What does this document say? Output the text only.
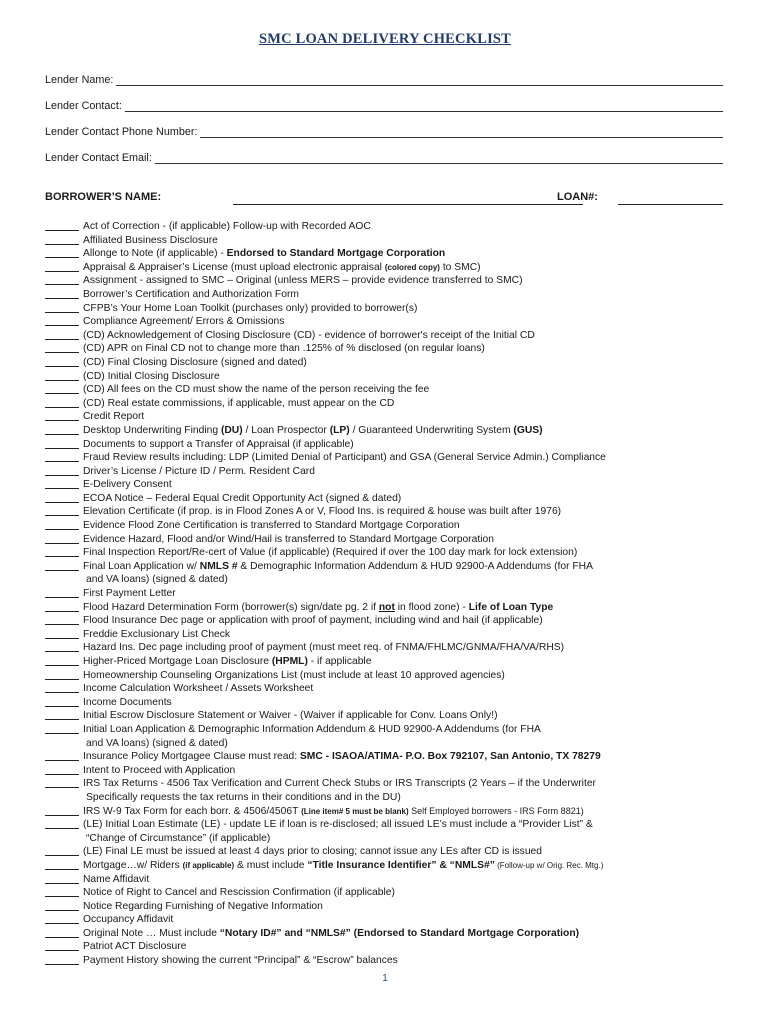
SMC LOAN DELIVERY CHECKLIST
Lender Name:
Lender Contact:
Lender Contact Phone Number:
Lender Contact Email:
BORROWER’S NAME:	LOAN#:
Act of Correction - (if applicable) Follow-up with Recorded AOC
Affiliated Business Disclosure
Allonge to Note (if applicable) - Endorsed to Standard Mortgage Corporation
Appraisal & Appraiser’s License (must upload electronic appraisal (colored copy) to SMC)
Assignment - assigned to SMC – Original (unless MERS – provide evidence transferred to SMC)
Borrower’s Certification and Authorization Form
CFPB’s Your Home Loan Toolkit (purchases only) provided to borrower(s)
Compliance Agreement/ Errors & Omissions
(CD) Acknowledgement of Closing Disclosure (CD) - evidence of borrower's receipt of the Initial CD
(CD) APR on Final CD not to change more than .125% of % disclosed (on regular loans)
(CD) Final Closing Disclosure (signed and dated)
(CD) Initial Closing Disclosure
(CD) All fees on the CD must show the name of the person receiving the fee
(CD) Real estate commissions, if applicable, must appear on the CD
Credit Report
Desktop Underwriting Finding (DU) / Loan Prospector (LP) / Guaranteed Underwriting System (GUS)
Documents to support a Transfer of Appraisal (if applicable)
Fraud Review results including: LDP (Limited Denial of Participant) and GSA (General Service Admin.) Compliance
Driver’s License / Picture ID / Perm. Resident Card
E-Delivery Consent
ECOA Notice – Federal Equal Credit Opportunity Act (signed & dated)
Elevation Certificate (if prop. is in Flood Zones A or V, Flood Ins. is required & house was built after 1976)
Evidence Flood Zone Certification is transferred to Standard Mortgage Corporation
Evidence Hazard, Flood and/or Wind/Hail is transferred to Standard Mortgage Corporation
Final Inspection Report/Re-cert of Value (if applicable) (Required if over the 100 day mark for lock extension)
Final Loan Application w/ NMLS # & Demographic Information Addendum & HUD 92900-A Addendums (for FHA
and VA loans) (signed & dated)
First Payment Letter
Flood Hazard Determination Form (borrower(s) sign/date pg. 2 if not in flood zone) - Life of Loan Type
Flood Insurance Dec page or application with proof of payment, including wind and hail (if applicable)
Freddie Exclusionary List Check
Hazard Ins. Dec page including proof of payment (must meet req. of FNMA/FHLMC/GNMA/FHA/VA/RHS)
Higher-Priced Mortgage Loan Disclosure (HPML) - if applicable
Homeownership Counseling Organizations List (must include at least 10 approved agencies)
Income Calculation Worksheet / Assets Worksheet
Income Documents
Initial Escrow Disclosure Statement or Waiver - (Waiver if applicable for Conv. Loans Only!)
Initial Loan Application & Demographic Information Addendum & HUD 92900-A Addendums (for FHA
and VA loans) (signed & dated)
Insurance Policy Mortgagee Clause must read: SMC - ISAOA/ATIMA- P.O. Box 792107, San Antonio, TX 78279
Intent to Proceed with Application
IRS Tax Returns - 4506 Tax Verification and Current Check Stubs or IRS Transcripts (2 Years – if the Underwriter
Specifically requests the tax returns in their conditions and in the DU)
IRS W-9 Tax Form for each borr. & 4506/4506T (Line item# 5 must be blank) Self Employed borrowers - IRS Form 8821)
(LE) Initial Loan Estimate (LE) - update LE if loan is re-disclosed; all issued LE’s must include a “Provider List” &
“Change of Circumstance” (if applicable)
(LE) Final LE must be issued at least 4 days prior to closing; cannot issue any LEs after CD is issued
Mortgage…w/ Riders (if applicable) & must include “Title Insurance Identifier” & “NMLS#” (Follow-up w/ Orig. Rec. Mtg.)
Name Affidavit
Notice of Right to Cancel and Rescission Confirmation (if applicable)
Notice Regarding Furnishing of Negative Information
Occupancy Affidavit
Original Note … Must include “Notary ID#” and “NMLS#” (Endorsed to Standard Mortgage Corporation)
Patriot ACT Disclosure
Payment History showing the current “Principal” & “Escrow” balances
1
